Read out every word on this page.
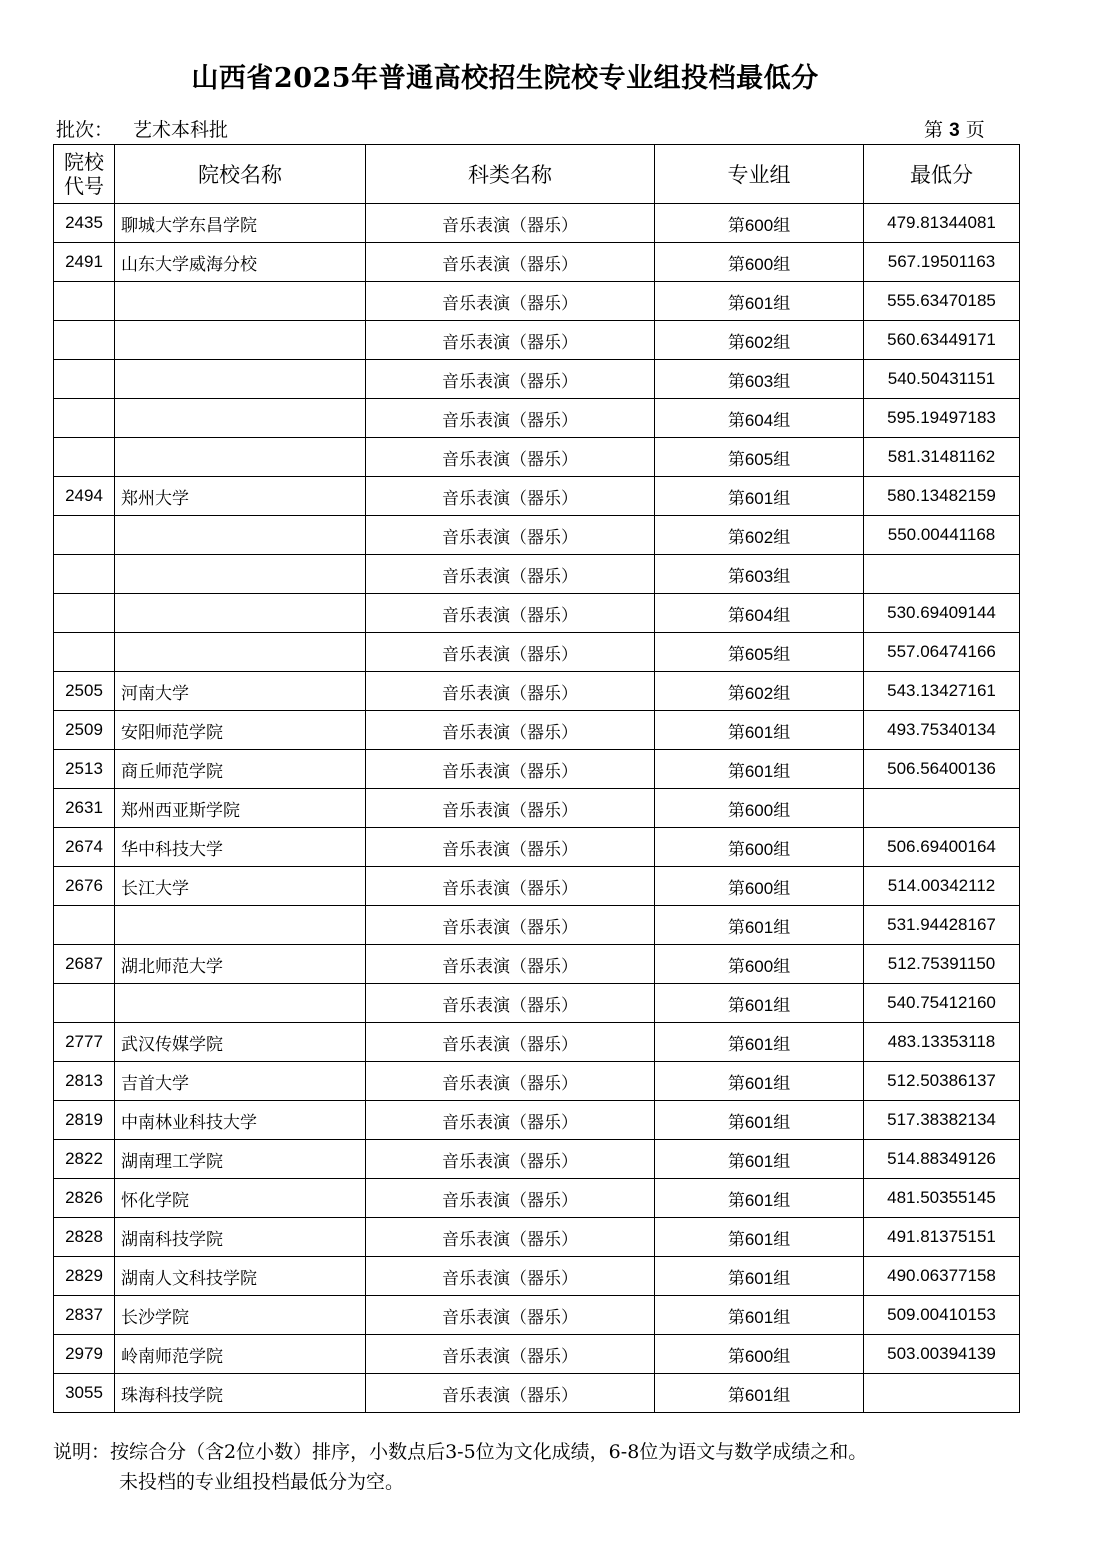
山西省2025年普通高校招生院校专业组投档最低分
批次： 艺术本科批	第 3 页
院校
代号	院校名称	科类名称	专业组	最低分
2435	聊城大学东昌学院	音乐表演（器乐）	第600组	479.81344081
2491	山东大学威海分校	音乐表演（器乐）	第600组	567.19501163
		音乐表演（器乐）	第601组	555.63470185
		音乐表演（器乐）	第602组	560.63449171
		音乐表演（器乐）	第603组	540.50431151
		音乐表演（器乐）	第604组	595.19497183
		音乐表演（器乐）	第605组	581.31481162
2494	郑州大学	音乐表演（器乐）	第601组	580.13482159
		音乐表演（器乐）	第602组	550.00441168
		音乐表演（器乐）	第603组	
		音乐表演（器乐）	第604组	530.69409144
		音乐表演（器乐）	第605组	557.06474166
2505	河南大学	音乐表演（器乐）	第602组	543.13427161
2509	安阳师范学院	音乐表演（器乐）	第601组	493.75340134
2513	商丘师范学院	音乐表演（器乐）	第601组	506.56400136
2631	郑州西亚斯学院	音乐表演（器乐）	第600组	
2674	华中科技大学	音乐表演（器乐）	第600组	506.69400164
2676	长江大学	音乐表演（器乐）	第600组	514.00342112
		音乐表演（器乐）	第601组	531.94428167
2687	湖北师范大学	音乐表演（器乐）	第600组	512.75391150
		音乐表演（器乐）	第601组	540.75412160
2777	武汉传媒学院	音乐表演（器乐）	第601组	483.13353118
2813	吉首大学	音乐表演（器乐）	第601组	512.50386137
2819	中南林业科技大学	音乐表演（器乐）	第601组	517.38382134
2822	湖南理工学院	音乐表演（器乐）	第601组	514.88349126
2826	怀化学院	音乐表演（器乐）	第601组	481.50355145
2828	湖南科技学院	音乐表演（器乐）	第601组	491.81375151
2829	湖南人文科技学院	音乐表演（器乐）	第601组	490.06377158
2837	长沙学院	音乐表演（器乐）	第601组	509.00410153
2979	岭南师范学院	音乐表演（器乐）	第600组	503.00394139
3055	珠海科技学院	音乐表演（器乐）	第601组	
说明：按综合分（含2位小数）排序，小数点后3-5位为文化成绩，6-8位为语文与数学成绩之和。
未投档的专业组投档最低分为空。
